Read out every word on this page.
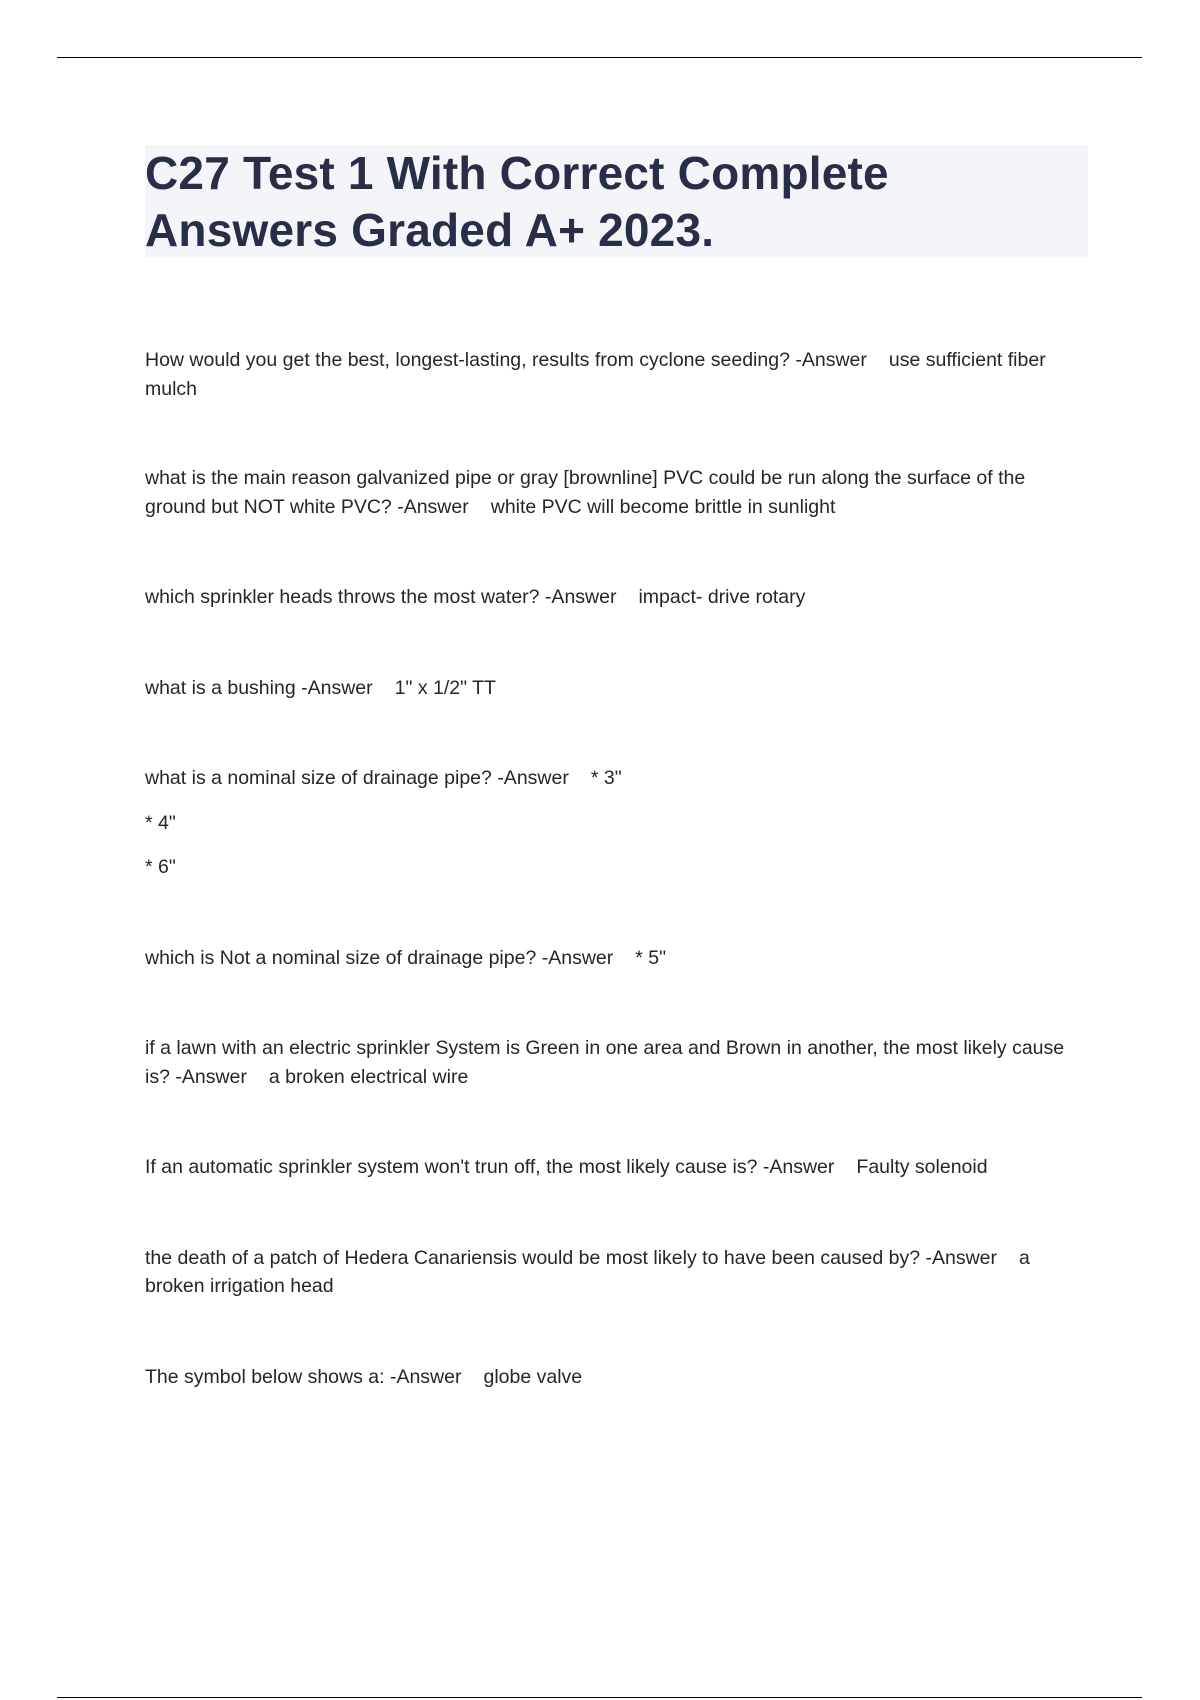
C27 Test 1 With Correct Complete Answers Graded A+ 2023.

How would you get the best, longest-lasting, results from cyclone seeding? -Answer use sufficient fiber mulch

what is the main reason galvanized pipe or gray [brownline] PVC could be run along the surface of the ground but NOT white PVC? -Answer white PVC will become brittle in sunlight

which sprinkler heads throws the most water? -Answer impact- drive rotary

what is a bushing -Answer 1" x 1/2" TT

what is a nominal size of drainage pipe? -Answer * 3"

* 4"
* 6"

which is Not a nominal size of drainage pipe? -Answer * 5"

if a lawn with an electric sprinkler System is Green in one area and Brown in another, the most likely cause is? -Answer a broken electrical wire

If an automatic sprinkler system won't trun off, the most likely cause is? -Answer Faulty solenoid

the death of a patch of Hedera Canariensis would be most likely to have been caused by? -Answer a broken irrigation head

The symbol below shows a: -Answer globe valve
